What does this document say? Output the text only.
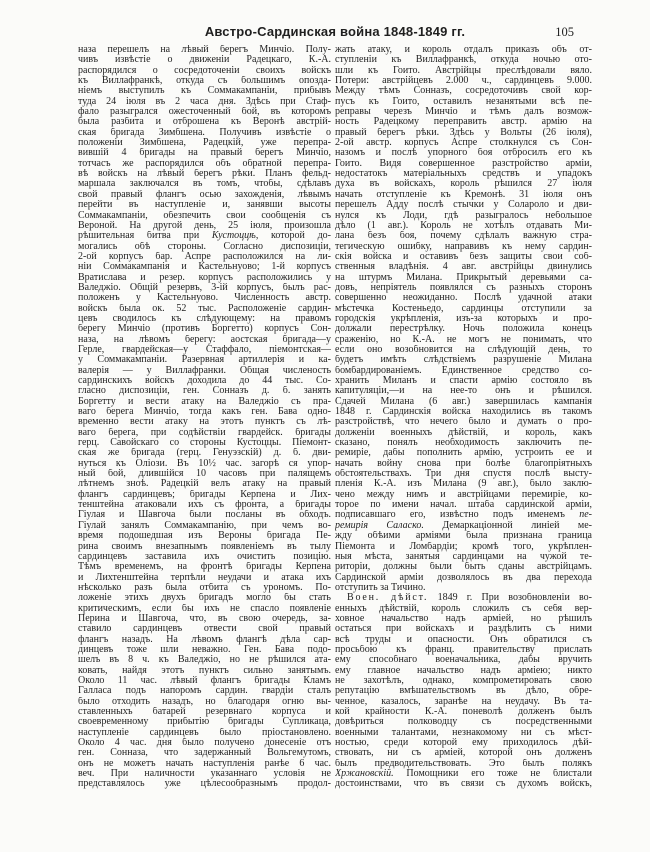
Австро-Сардинская война 1848-1849 гг.	105
наза перешелъ на лѣвый берегъ Минчіо. Полу-
чивъ извѣстіе о движеніи Радецкаго, К.-А.
распорядился о сосредоточеніи своихъ войскъ
къ Виллафранкѣ, откуда съ большимъ опозда-
ніемъ выступилъ къ Соммакампаніи, прибывъ
туда 24 іюля въ 2 часа дня. Здѣсь при Стаф-
фало разыгрался ожесточенный бой, въ которомъ
была разбита и отброшена къ Веронѣ австрій-
ская бригада Зимбшена. Получивъ извѣстіе о
положеніи Зимбшена, Радецкій, уже перепра-
вившій 4 бригады на правый берегъ Минчіо,
тотчасъ же распорядился объ обратной перепра-
вѣ войскъ на лѣвый берегъ рѣки. Планъ фельд-
маршала заключался въ томъ, чтобы, сдѣлавъ
свой правый флангъ осью захожденія, лѣвымъ
перейти въ наступленіе и, занявши высоты
Соммакампаніи, обезпечить свои сообщенія съ
Вероной. На другой день, 25 іюля, произошла
рѣшительная битва при Кустоццѣ, которой до-
могались обѣ стороны. Согласно диспозиціи,
2-ой корпусъ бар. Аспре расположился на ли-
ніи Соммакампанія и Кастельнуово; 1-й корпусъ
Вратислава и резер. корпусъ расположились у
Валеджіо. Общій резервъ, 3-ій корпусъ, былъ рас-
положенъ у Кастельнуово. Численность австр.
войскъ была ок. 52 тыс. Расположеніе сардин-
цевъ сводилось къ слѣдующему: на правомъ
берегу Минчіо (противъ Боргетто) корпусъ Сон-
наза, на лѣвомъ берегу: аостская бригада—у
Герле, гвардейская—у Стаффало, піемонтская—
у Соммакампаніи. Разервная артиллерія и ка-
валерія — у Виллафранки. Общая численость
сардинскихъ войскъ доходила до 44 тыс. Со-
гласно диспозиціи, ген. Сонназъ д. б. занять
Боргетту и вести атаку на Валеджіо съ пра-
ваго берега Минчіо, тогда какъ ген. Бава одно-
временно вести атаку на этотъ пунктъ съ лѣ-
ваго берега, при содѣйствіи гвардейск. бригады
герц. Савойскаго со стороны Кустоццы. Піемонт-
ская же бригада (герц. Генуэзскій) д. б. дви-
нуться къ Оліози. Въ 10½ час. загорѣ ся упор-
ный бой, длившійся 10 часовъ при палящемъ
лѣтнемъ зноѣ. Радецкій велъ атаку на правый
флангъ сардинцевъ; бригады Керпена и Лих-
тенштейна атаковали ихъ съ фронта, а бригады
Гіулая и Шавгоча были посланы въ обходъ.
Гіулай занялъ Соммакампанію, при чемъ во-
время подошедшая изъ Вероны бригада Пе-
рина своимъ внезапнымъ появленіемъ въ тылу
сардинцевъ заставила ихъ очистить позицію.
Тѣмъ временемъ, на фронтѣ бригады Керпена
и Лихтенштейна терпѣли неудачи и атака ихъ
нѣсколько разъ была отбита съ урономъ. По-
ложеніе этихъ двухъ бригадъ могло бы стать
критическимъ, если бы ихъ не спасло появленіе
Перина и Шавгоча, что, въ свою очередь, за-
ставило сардинцевъ отвести свой правый
флангъ назадъ. На лѣвомъ флангѣ дѣла сар-
динцевъ тоже шли неважно. Ген. Бава подо-
шелъ въ 8 ч. къ Валеджіо, но не рѣшился ата-
ковать, найдя этотъ пунктъ сильно занятымъ.
Около 11 час. лѣвый флангъ бригады Кламъ
Галласа подъ напоромъ сардин. гвардіи сталъ
было отходить назадъ, но благодаря огню вы-
ставленныхъ батарей резервнаго корпуса и
своевременному прибытію бригады Супликаца,
наступленіе сардинцевъ было пріостановлено.
Около 4 час. дня было получено донесеніе отъ
ген. Сонназа, что задержанный Вольгемутомъ,
онъ не можетъ начать наступленія ранѣе 6 час.
веч. При наличности указаннаго условія не
представлялось уже цѣлесообразнымъ продол-
жать атаку, и король отдалъ приказъ объ от-
ступленіи къ Виллафранкѣ, откуда ночью ото-
шли къ Гоито. Австрійцы преслѣдовали вяло.
Потери: австрійцевъ 2.000 ч., сардинцевъ 9.000.
Между тѣмъ Сонназъ, сосредоточивъ свой кор-
пусъ къ Гоито, оставилъ незанятыми всѣ пе-
реправы черезъ Минчіо и тѣмъ далъ возмож-
ность Радецкому переправить австр. армію на
правый берегъ рѣки. Здѣсь у Вольты (26 іюля),
2-ой австр. корпусъ Аспре столкнулся съ Сон-
назомъ и послѣ упорного боя отбросилъ его къ
Гоито. Видя совершенное разстройство арміи,
недостатокъ матеріальныхъ средствъ и упадокъ
духа въ войскахъ, король рѣшился 27 іюля
начать отступленіе къ Кремонѣ. 31 іюля онъ
перешелъ Адду послѣ стычки у Солароло и дви-
нулся къ Лоди, гдѣ разыгралось небольшое
дѣло (1 авг.). Король не хотѣлъ отдавать Ми-
лана безъ боя, почему сдѣлалъ важную стра-
тегическую ошибку, направивъ къ нему сардин-
скія войска и оставивъ безъ защиты свои соб-
ственныя владѣнія. 4 авг. австрійцы двинулись
на штурмъ Милана. Прикрытый деревьями са-
довъ, непріятель появлялся съ разныхъ сторонъ
совершенно неожиданно. Послѣ удачной атаки
мѣстечка Костеньедо, сардинцы отступили за
городскія укрѣпленія, изъ-за которыхъ и про-
должали перестрѣлку. Ночь положила конецъ
сраженію, но К.-А. не могъ не понимать, что
если оно возобновится на слѣдующій день, то
будетъ имѣть слѣдствіемъ разрушеніе Милана
бомбардированіемъ. Единственное средство со-
хранить Миланъ и спасти армію состояло въ
капитуляціи,—и на нее-то онъ и рѣшился.
Сдачей Милана (6 авг.) завершилась кампанія
1848 г. Сардинскія войска находились въ такомъ
разстройствѣ, что нечего было и думать о про-
долженіи военныхъ дѣйствій, и король, какъ
сказано, понялъ необходимость заключить пе-
ремиріе, дабы пополнить армію, устроить ее и
начать войну снова при болѣе благопріятныхъ
обстоятельствахъ. Три дня спустя послѣ высту-
пленія К.-А. изъ Милана (9 авг.), было заклю-
чено между нимъ и австрійцами перемиріе, ко-
торое по имени начал. штаба сардинской арміи,
подписавшаго его, извѣстно подъ именемъ пе-
ремирія Саласко. Демаркаціонной линіей ме-
жду обѣими арміями была признана граница
Піемонта и Ломбардіи; кромѣ того, укрѣплен-
ныя мѣста, занятыя сардинцами на чужой те-
риторіи, должны были быть сданы австрійцамъ.
Сардинской арміи дозволялось въ два перехода
отступить за Тичино.
Воен. дѣйст. 1849 г. При возобновленіи во-
енныхъ дѣйствій, король сложилъ съ себя вер-
ховное начальство надъ арміей, но рѣшилъ
остаться при войскахъ и раздѣлить съ ними
всѣ труды и опасности. Онъ обратился съ
просьбою къ франц. правительству прислать
ему способнаго военачальника, дабы вручить
ему главное начальство надъ арміею; никто
не захотѣлъ, однако, компрометировать свою
репутацію вмѣшательствомъ въ дѣло, обре-
ченное, казалось, заранѣе на неудачу. Въ та-
кой крайности К.-А. поневолѣ долженъ былъ
довѣриться полководцу съ посредственными
военными талантами, незнакомому ни съ мѣст-
ностью, среди которой ему приходилось дѣй-
ствовать, ни съ арміей, которой онъ долженъ
былъ предводительствовать. Это былъ полякъ
Хржановскій. Помощники его тоже не блистали
достоинствами, что въ связи съ духомъ войскъ,
